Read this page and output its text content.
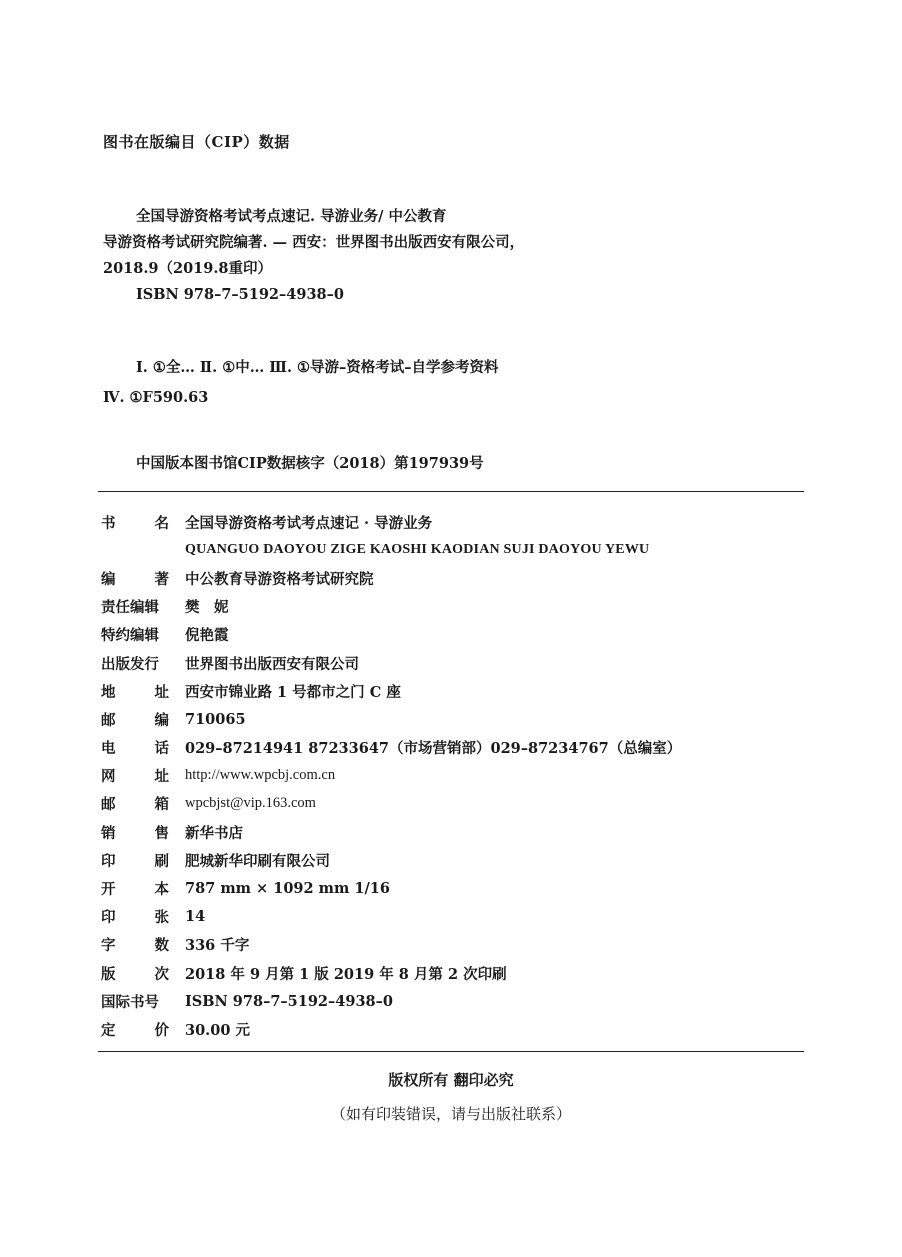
图书在版编目（CIP）数据
全国导游资格考试考点速记. 导游业务/ 中公教育
导游资格考试研究院编著. — 西安：世界图书出版西安有限公司，
2018.9（2019.8重印）
ISBN 978–7–5192–4938–0
Ⅰ. ①全… Ⅱ. ①中… Ⅲ. ①导游–资格考试–自学参考资料
Ⅳ. ①F590.63
中国版本图书馆CIP数据核字（2018）第197939号
书	名 全国导游资格考试考点速记 · 导游业务
QUANGUO DAOYOU ZIGE KAOSHI KAODIAN SUJI DAOYOU YEWU
编	著 中公教育导游资格考试研究院
责任编辑 樊　妮
特约编辑 倪艳霞
出版发行 世界图书出版西安有限公司
地	址 西安市锦业路 1 号都市之门 C 座
邮	编 710065
电	话 029–87214941 87233647（市场营销部）029–87234767（总编室）
网	址 http://www.wpcbj.com.cn
邮	箱 wpcbjst@vip.163.com
销	售 新华书店
印	刷 肥城新华印刷有限公司
开	本 787 mm × 1092 mm 1/16
印	张 14
字	数 336 千字
版	次 2018 年 9 月第 1 版 2019 年 8 月第 2 次印刷
国际书号 ISBN 978–7–5192–4938–0
定	价 30.00 元
版权所有 翻印必究
（如有印装错误，请与出版社联系）
